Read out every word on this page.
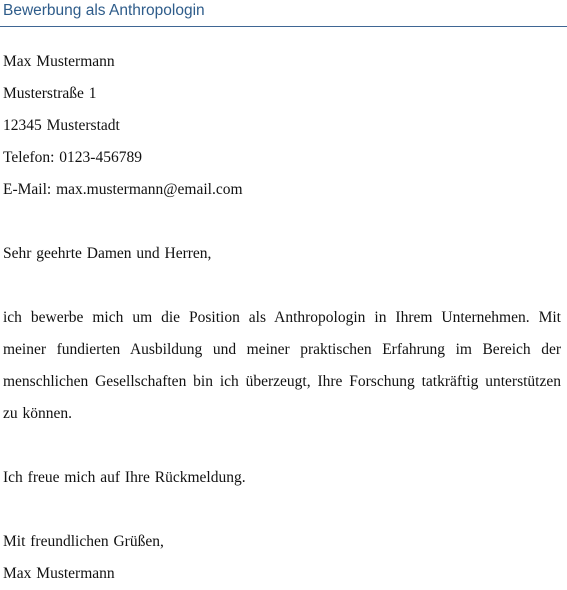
Bewerbung als Anthropologin
Max Mustermann
Musterstraße 1
12345 Musterstadt
Telefon: 0123-456789
E-Mail: max.mustermann@email.com
Sehr geehrte Damen und Herren,
ich bewerbe mich um die Position als Anthropologin in Ihrem Unternehmen. Mit
meiner fundierten Ausbildung und meiner praktischen Erfahrung im Bereich der
menschlichen Gesellschaften bin ich überzeugt, Ihre Forschung tatkräftig unterstützen
zu können.
Ich freue mich auf Ihre Rückmeldung.
Mit freundlichen Grüßen,
Max Mustermann
